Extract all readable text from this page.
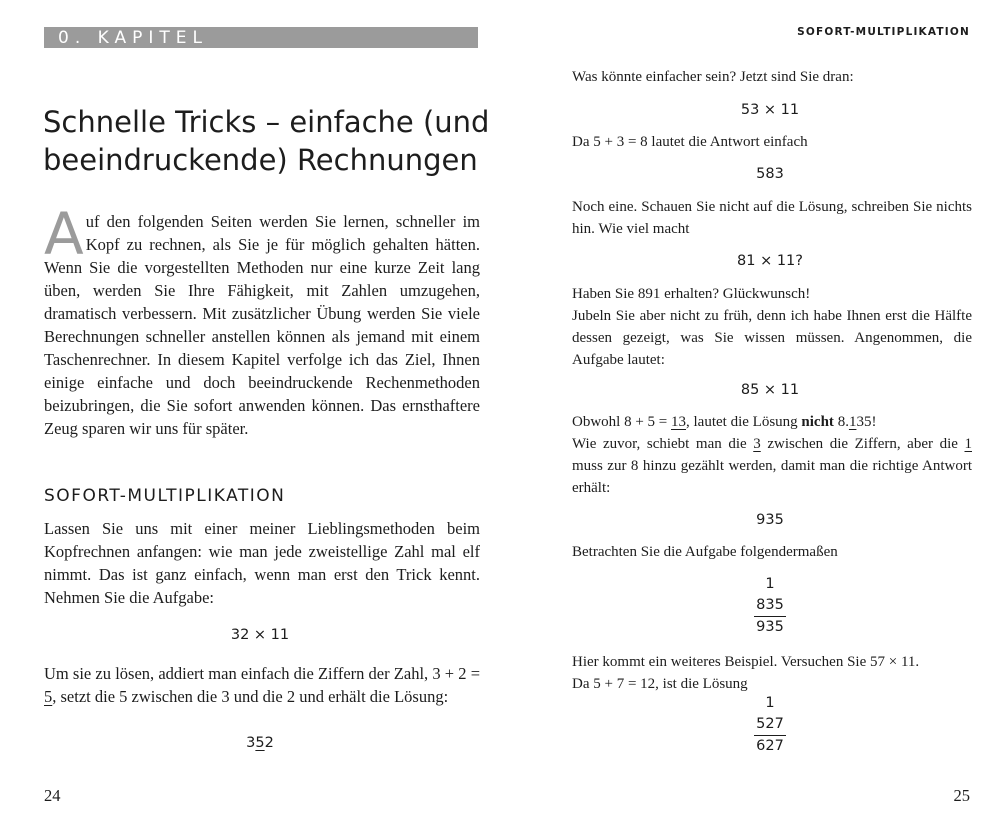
0. KAPITEL
Schnelle Tricks – einfache (und beeindruckende) Rechnungen

Auf den folgenden Seiten werden Sie lernen, schneller im Kopf zu rechnen, als Sie je für möglich gehalten hätten. Wenn Sie die vorgestellten Methoden nur eine kurze Zeit lang üben, werden Sie Ihre Fähigkeit, mit Zahlen umzugehen, dramatisch verbessern. Mit zusätzlicher Übung werden Sie viele Berechnungen schneller anstellen können als jemand mit einem Taschenrechner. In diesem Kapitel verfolge ich das Ziel, Ihnen einige einfache und doch beeindruckende Rechenmethoden beizubringen, die Sie sofort anwenden können. Das ernsthaftere Zeug sparen wir uns für später.

SOFORT-MULTIPLIKATION

Lassen Sie uns mit einer meiner Lieblingsmethoden beim Kopfrechnen anfangen: wie man jede zweistellige Zahl mal elf nimmt. Das ist ganz einfach, wenn man erst den Trick kennt. Nehmen Sie die Aufgabe:

32 × 11

Um sie zu lösen, addiert man einfach die Ziffern der Zahl, 3 + 2 = 5, setzt die 5 zwischen die 3 und die 2 und erhält die Lösung:

352
24
SOFORT-MULTIPLIKATION

Was könnte einfacher sein? Jetzt sind Sie dran:

53 × 11

Da 5 + 3 = 8 lautet die Antwort einfach

583

Noch eine. Schauen Sie nicht auf die Lösung, schreiben Sie nichts hin. Wie viel macht

81 × 11?

Haben Sie 891 erhalten? Glückwunsch!

Jubeln Sie aber nicht zu früh, denn ich habe Ihnen erst die Hälfte dessen gezeigt, was Sie wissen müssen. Angenommen, die Aufgabe lautet:

85 × 11

Obwohl 8 + 5 = 13, lautet die Lösung nicht 8.135!

Wie zuvor, schiebt man die 3 zwischen die Ziffern, aber die 1 muss zur 8 hinzu gezählt werden, damit man die richtige Antwort erhält:

935

Betrachten Sie die Aufgabe folgendermaßen

1
835
935

Hier kommt ein weiteres Beispiel. Versuchen Sie 57 × 11.

Da 5 + 7 = 12, ist die Lösung

1
527
627
25
